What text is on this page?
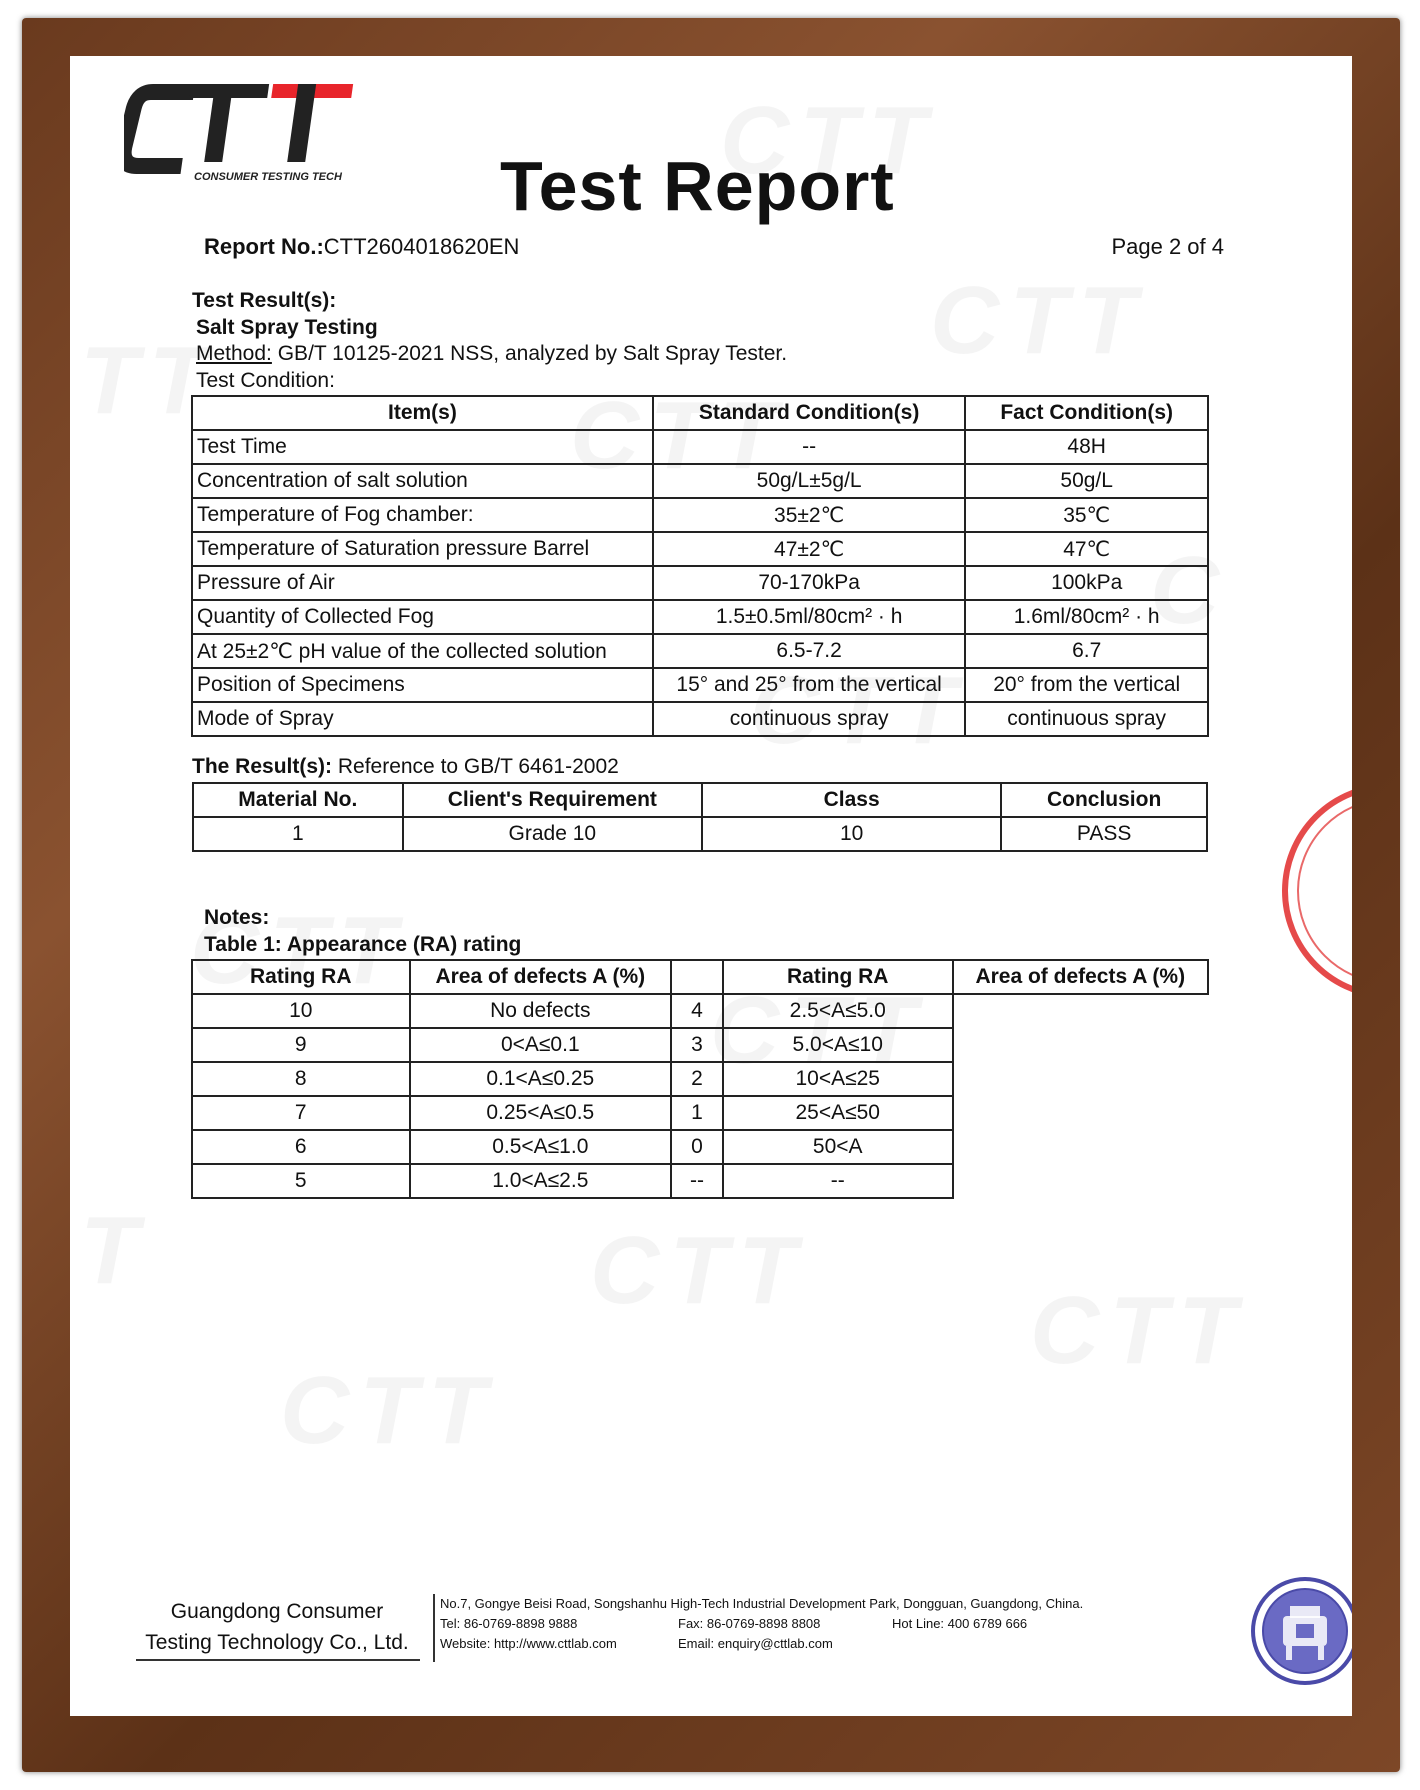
CONSUMER TESTING TECH Test Report
Report No.:CTT2604018620EN	Page 2 of 4
Test Result(s):
Salt Spray Testing
Method: GB/T 10125-2021 NSS, analyzed by Salt Spray Tester.
Test Condition:
Item(s)	Standard Condition(s)	Fact Condition(s)
Test Time	--	48H
Concentration of salt solution	50g/L±5g/L	50g/L
Temperature of Fog chamber:	35±2℃	35℃
Temperature of Saturation pressure Barrel	47±2℃	47℃
Pressure of Air	70-170kPa	100kPa
Quantity of Collected Fog	1.5±0.5ml/80cm² · h	1.6ml/80cm² · h
At 25±2℃ pH value of the collected solution	6.5-7.2	6.7
Position of Specimens	15° and 25° from the vertical	20° from the vertical
Mode of Spray	continuous spray	continuous spray
The Result(s): Reference to GB/T 6461-2002
Material No.	Client's Requirement	Class	Conclusion
1	Grade 10	10	PASS
Notes:
Table 1: Appearance (RA) rating
Rating RA	Area of defects A (%)		Rating RA	Area of defects A (%)
10	No defects	4	2.5<A≤5.0	
9	0<A≤0.1	3	5.0<A≤10	
8	0.1<A≤0.25	2	10<A≤25	
7	0.25<A≤0.5	1	25<A≤50	
6	0.5<A≤1.0	0	50<A	
5	1.0<A≤2.5	--	--	
Guangdong Consumer
Testing Technology Co., Ltd.
No.7, Gongye Beisi Road, Songshanhu High-Tech Industrial Development Park, Dongguan, Guangdong, China.
Tel: 86-0769-8898 9888	Fax: 86-0769-8898 8808	Hot Line: 400 6789 666
Website: http://www.cttlab.com	Email: enquiry@cttlab.com
